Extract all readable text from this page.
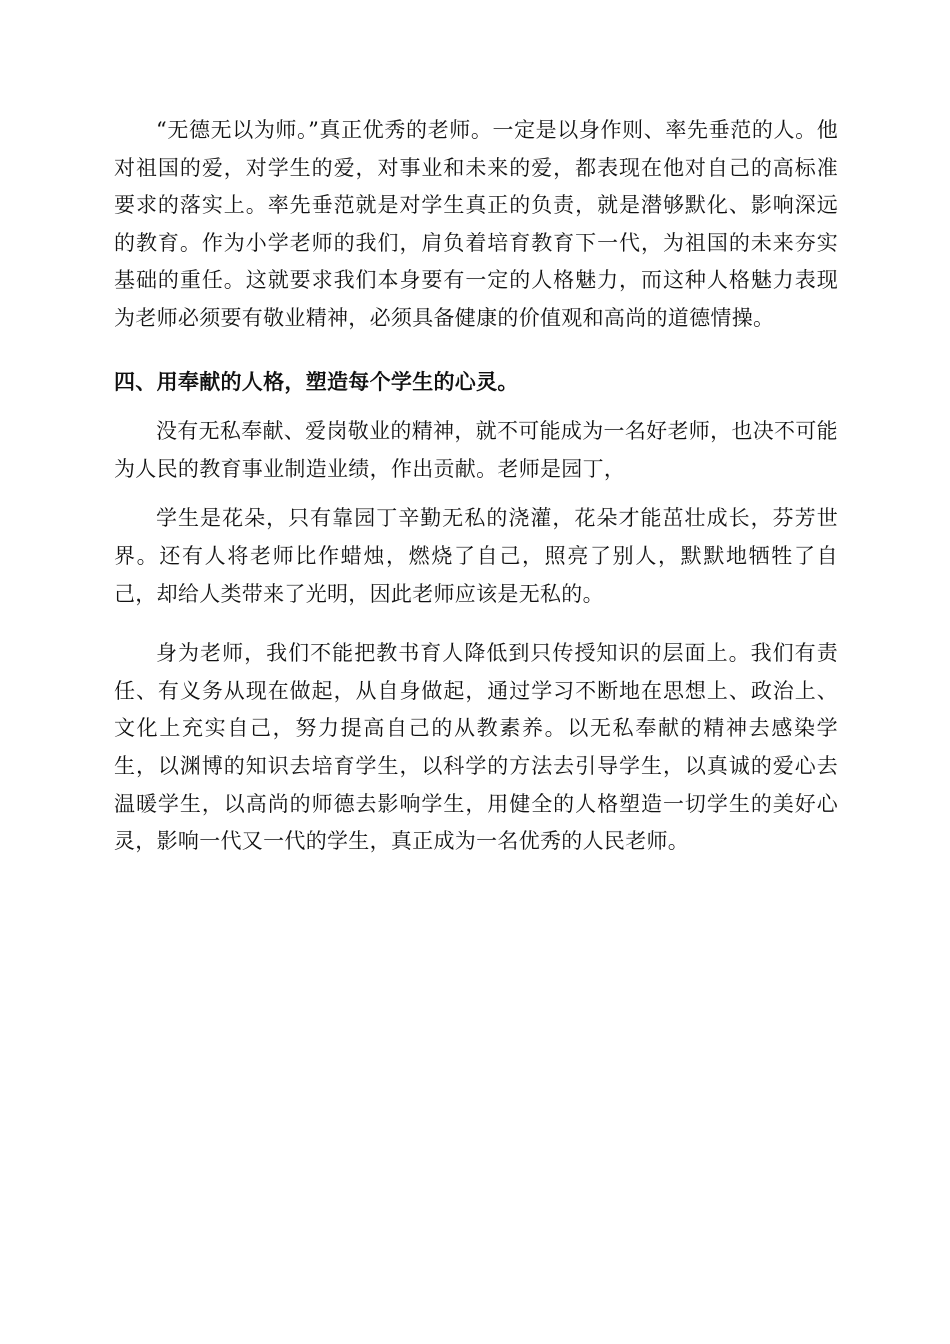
“无德无以为师。”真正优秀的老师。一定是以身作则、率先垂范的人。他对祖国的爱，对学生的爱，对事业和未来的爱，都表现在他对自己的高标准要求的落实上。率先垂范就是对学生真正的负责，就是潜够默化、影响深远的教育。作为小学老师的我们，肩负着培育教育下一代，为祖国的未来夯实基础的重任。这就要求我们本身要有一定的人格魅力，而这种人格魅力表现为老师必须要有敬业精神，必须具备健康的价值观和高尚的道德情操。

四、用奉献的人格，塑造每个学生的心灵。

没有无私奉献、爱岗敬业的精神，就不可能成为一名好老师，也决不可能为人民的教育事业制造业绩，作出贡献。老师是园丁，

学生是花朵，只有靠园丁辛勤无私的浇灌，花朵才能茁壮成长，芬芳世界。还有人将老师比作蜡烛，燃烧了自己，照亮了别人，默默地牺牲了自己，却给人类带来了光明，因此老师应该是无私的。

身为老师，我们不能把教书育人降低到只传授知识的层面上。我们有责任、有义务从现在做起，从自身做起，通过学习不断地在思想上、政治上、文化上充实自己，努力提高自己的从教素养。以无私奉献的精神去感染学生，以渊博的知识去培育学生，以科学的方法去引导学生，以真诚的爱心去温暖学生，以高尚的师德去影响学生，用健全的人格塑造一切学生的美好心灵，影响一代又一代的学生，真正成为一名优秀的人民老师。
